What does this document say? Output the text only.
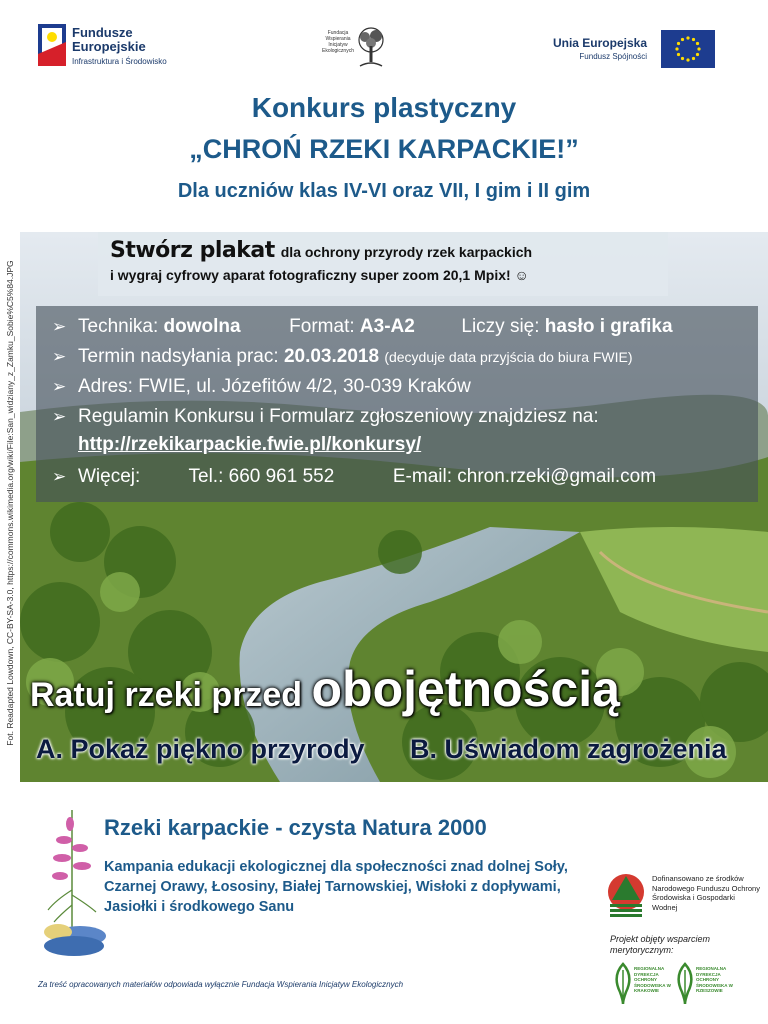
Fundusze Europejskie
Infrastruktura i Środowisko
Fundacja Wspierania Inicjatyw Ekologicznych
Unia Europejska
Fundusz Spójności
Konkurs plastyczny
„CHROŃ RZEKI KARPACKIE!”
Dla uczniów klas IV-VI oraz VII, I gim i II gim
Fot. Readapted Lowdown, CC-BY-SA-3.0, https://commons.wikimedia.org/wiki/File:San_widziany_z_Zamku_Sobie%C5%84.JPG
Stwórz plakat dla ochrony przyrody rzek karpackich
i wygraj cyfrowy aparat fotograficzny super zoom 20,1 Mpix! ☺
➢ Technika: dowolna	Format: A3-A2 Liczy się: hasło i grafika
➢ Termin nadsyłania prac: 20.03.2018 (decyduje data przyjścia do biura FWIE)
➢ Adres: FWIE, ul. Józefitów 4/2, 30-039 Kraków
➢ Regulamin Konkursu i Formularz zgłoszeniowy znajdziesz na:
http://rzekikarpackie.fwie.pl/konkursy/
➢ Więcej:	Tel.: 660 961 552	E-mail: chron.rzeki@gmail.com
Ratuj rzeki przed obojętnością
A. Pokaż piękno przyrody B. Uświadom zagrożenia
Rzeki karpackie - czysta Natura 2000
Kampania edukacji ekologicznej dla społeczności znad dolnej Soły, Czarnej Orawy, Łososiny, Białej Tarnowskiej, Wisłoki z dopływami, Jasiołki i środkowego Sanu
Dofinansowano ze środków Narodowego Funduszu Ochrony Środowiska i Gospodarki Wodnej
Projekt objęty wsparciem merytorycznym:
REGIONALNA DYREKCJA OCHRONY ŚRODOWISKA W KRAKOWIE
REGIONALNA DYREKCJA OCHRONY ŚRODOWISKA W RZESZOWIE
Za treść opracowanych materiałów odpowiada wyłącznie Fundacja Wspierania Inicjatyw Ekologicznych
